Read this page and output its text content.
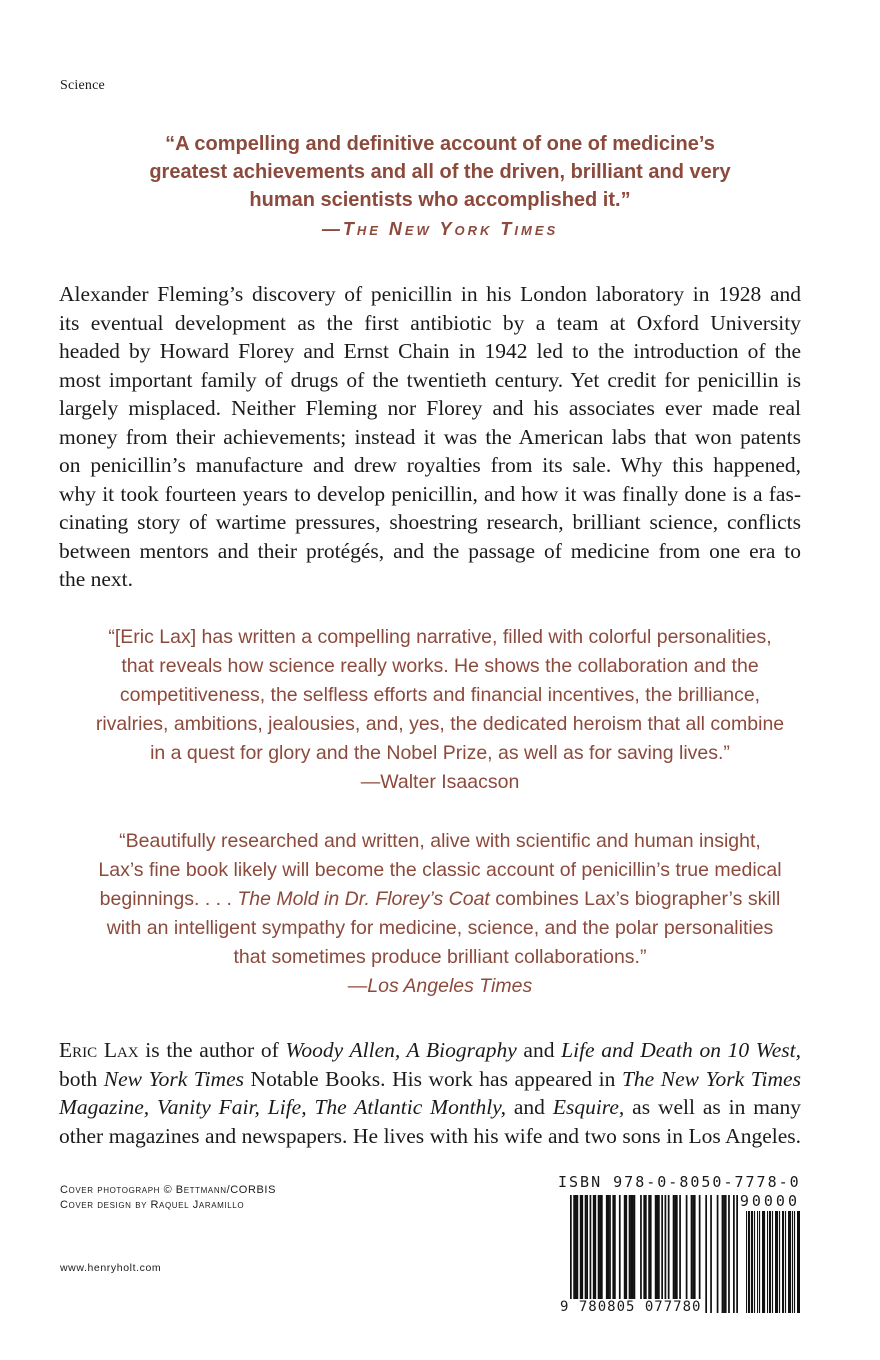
Science
“A compelling and definitive account of one of medicine’s
greatest achievements and all of the driven, brilliant and very
human scientists who accomplished it.”
—The New York Times
Alexander Fleming’s discovery of penicillin in his London laboratory in 1928 and
its eventual development as the first antibiotic by a team at Oxford University
headed by Howard Florey and Ernst Chain in 1942 led to the introduction of the
most important family of drugs of the twentieth century. Yet credit for penicillin is
largely misplaced. Neither Fleming nor Florey and his associates ever made real
money from their achievements; instead it was the American labs that won patents
on penicillin’s manufacture and drew royalties from its sale. Why this happened,
why it took fourteen years to develop penicillin, and how it was finally done is a fas-
cinating story of wartime pressures, shoestring research, brilliant science, conflicts
between mentors and their protégés, and the passage of medicine from one era to
the next.
“[Eric Lax] has written a compelling narrative, filled with colorful personalities,
that reveals how science really works. He shows the collaboration and the
competitiveness, the selfless efforts and financial incentives, the brilliance,
rivalries, ambitions, jealousies, and, yes, the dedicated heroism that all combine
in a quest for glory and the Nobel Prize, as well as for saving lives.”
—Walter Isaacson
“Beautifully researched and written, alive with scientific and human insight,
Lax’s fine book likely will become the classic account of penicillin’s true medical
beginnings. . . . The Mold in Dr. Florey’s Coat combines Lax’s biographer’s skill
with an intelligent sympathy for medicine, science, and the polar personalities
that sometimes produce brilliant collaborations.”
—Los Angeles Times
Eric Lax is the author of Woody Allen, A Biography and Life and Death on 10 West,
both New York Times Notable Books. His work has appeared in The New York Times
Magazine, Vanity Fair, Life, The Atlantic Monthly, and Esquire, as well as in many
other magazines and newspapers. He lives with his wife and two sons in Los Angeles.
Cover photograph © Bettmann/CORBIS
Cover design by Raquel Jaramillo
www.henryholt.com
ISBN 978-0-8050-7778-0
90000
9 780805 077780
